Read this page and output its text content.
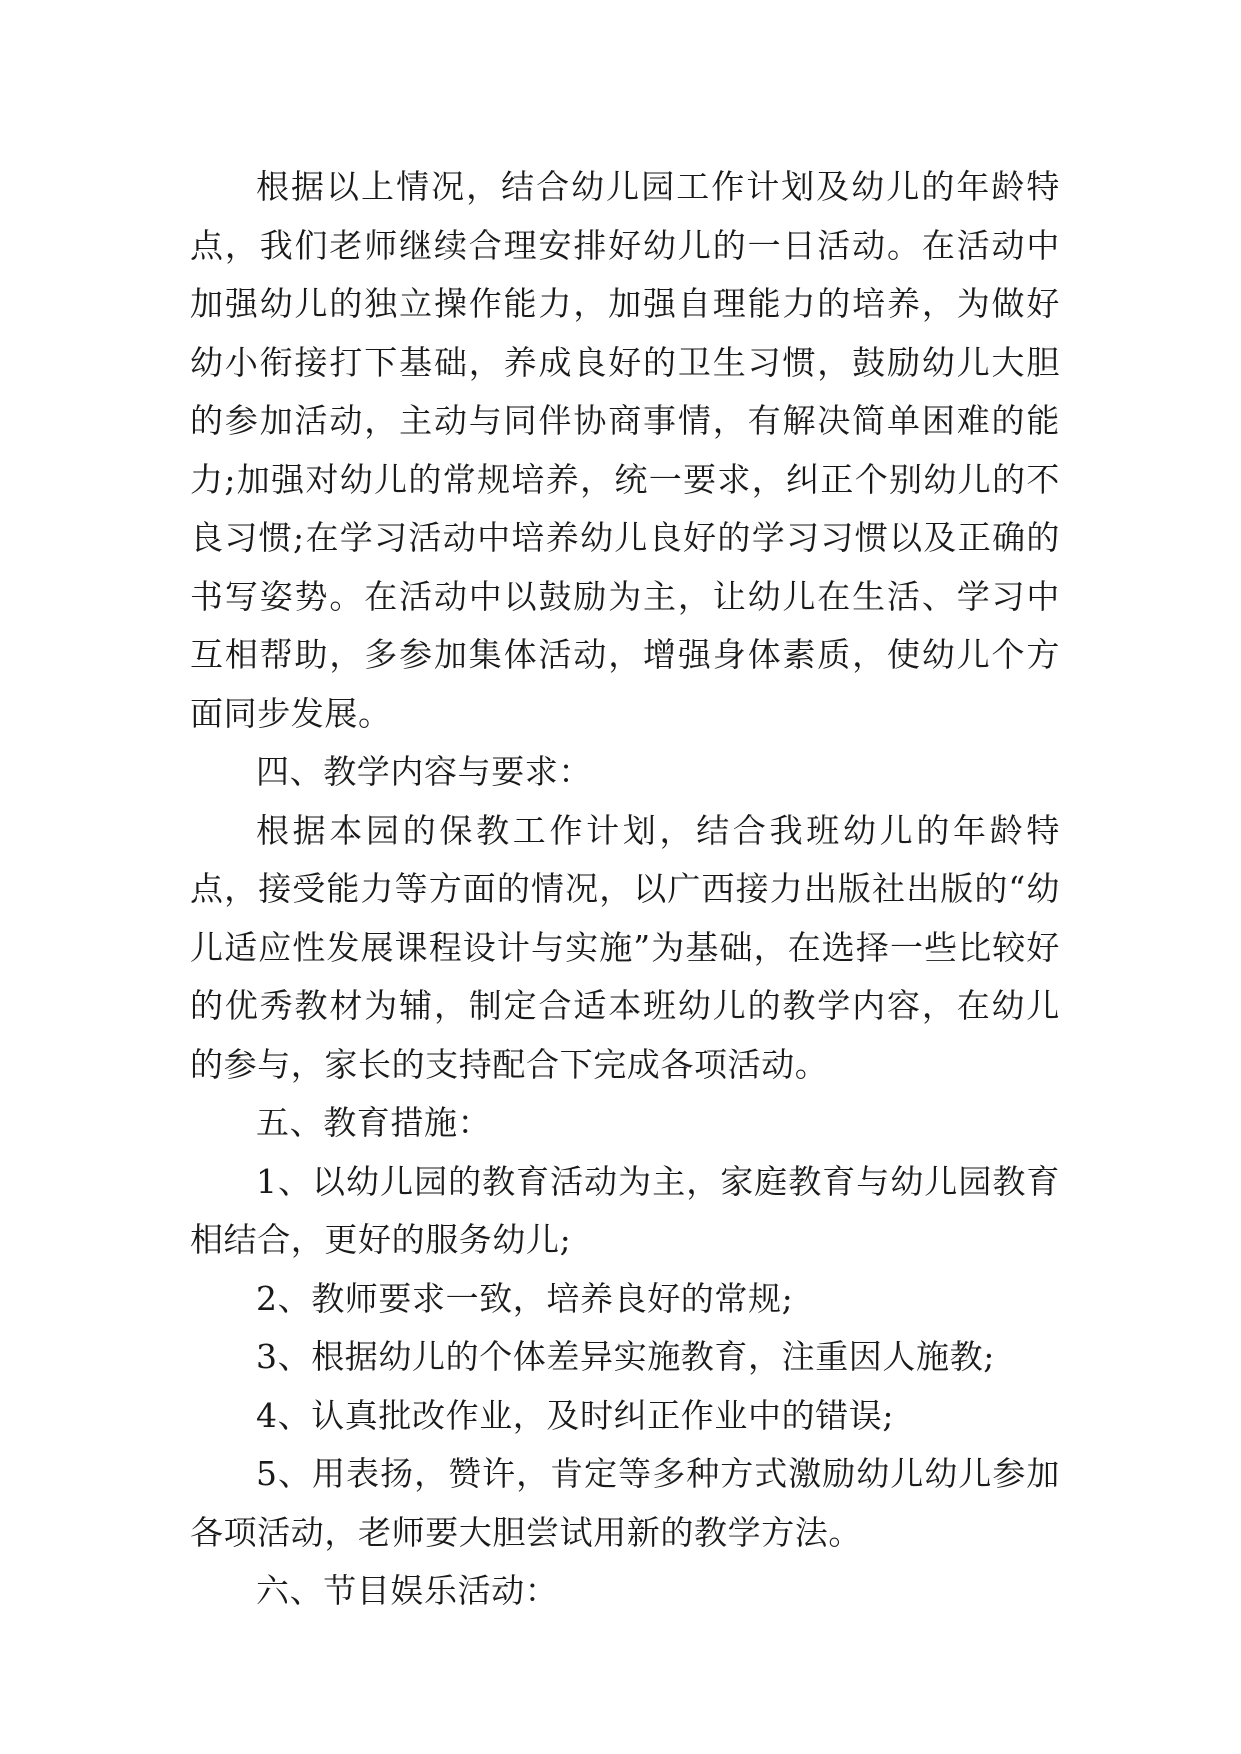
根据以上情况，结合幼儿园工作计划及幼儿的年龄特点，我们老师继续合理安排好幼儿的一日活动。在活动中加强幼儿的独立操作能力，加强自理能力的培养，为做好幼小衔接打下基础，养成良好的卫生习惯，鼓励幼儿大胆的参加活动，主动与同伴协商事情，有解决简单困难的能力;加强对幼儿的常规培养，统一要求，纠正个别幼儿的不良习惯;在学习活动中培养幼儿良好的学习习惯以及正确的书写姿势。在活动中以鼓励为主，让幼儿在生活、学习中互相帮助，多参加集体活动，增强身体素质，使幼儿个方面同步发展。

四、教学内容与要求：

根据本园的保教工作计划，结合我班幼儿的年龄特点，接受能力等方面的情况，以广西接力出版社出版的“幼儿适应性发展课程设计与实施”为基础，在选择一些比较好的优秀教材为辅，制定合适本班幼儿的教学内容，在幼儿的参与，家长的支持配合下完成各项活动。

五、教育措施：

1、以幼儿园的教育活动为主，家庭教育与幼儿园教育相结合，更好的服务幼儿;

2、教师要求一致，培养良好的常规;

3、根据幼儿的个体差异实施教育，注重因人施教;

4、认真批改作业，及时纠正作业中的错误;

5、用表扬，赞许，肯定等多种方式激励幼儿幼儿参加各项活动，老师要大胆尝试用新的教学方法。

六、节目娱乐活动：
